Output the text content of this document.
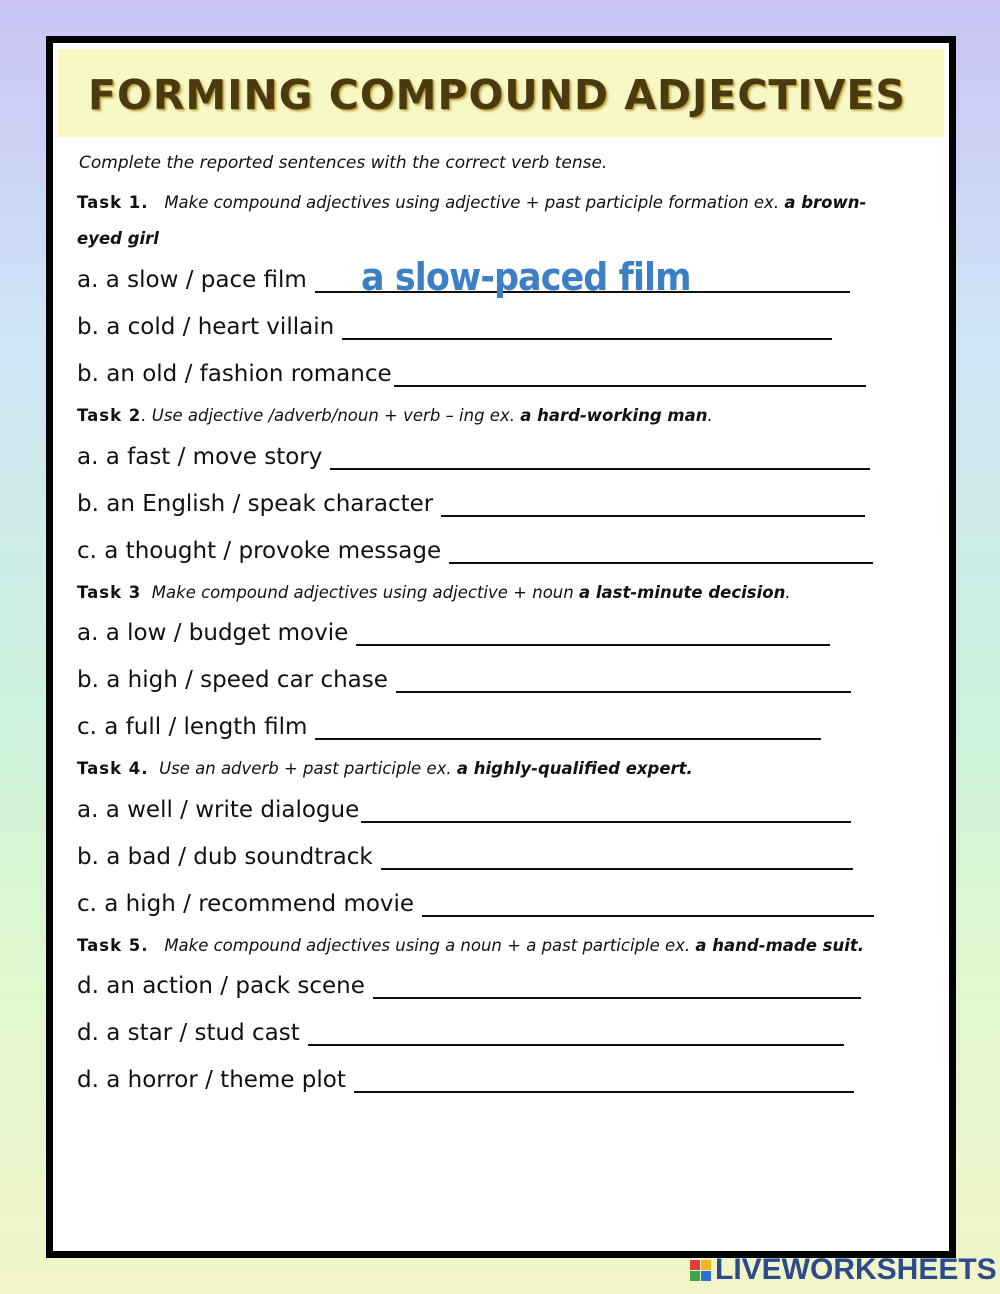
FORMING COMPOUND ADJECTIVES
Complete the reported sentences with the correct verb tense.
Task 1. Make compound adjectives using adjective + past participle formation ex. a brown-eyed girl
a. a slow / pace film a slow-paced film
b. a cold / heart villain
b. an old / fashion romance
Task 2. Use adjective /adverb/noun + verb – ing ex. a hard-working man.
a. a fast / move story
b. an English / speak character
c. a thought / provoke message
Task 3 Make compound adjectives using adjective + noun a last-minute decision.
a. a low / budget movie
b. a high / speed car chase
c. a full / length film
Task 4. Use an adverb + past participle ex. a highly-qualified expert.
a. a well / write dialogue
b. a bad / dub soundtrack
c. a high / recommend movie
Task 5. Make compound adjectives using a noun + a past participle ex. a hand-made suit.
d. an action / pack scene
d. a star / stud cast
d. a horror / theme plot
LIVEWORKSHEETS
